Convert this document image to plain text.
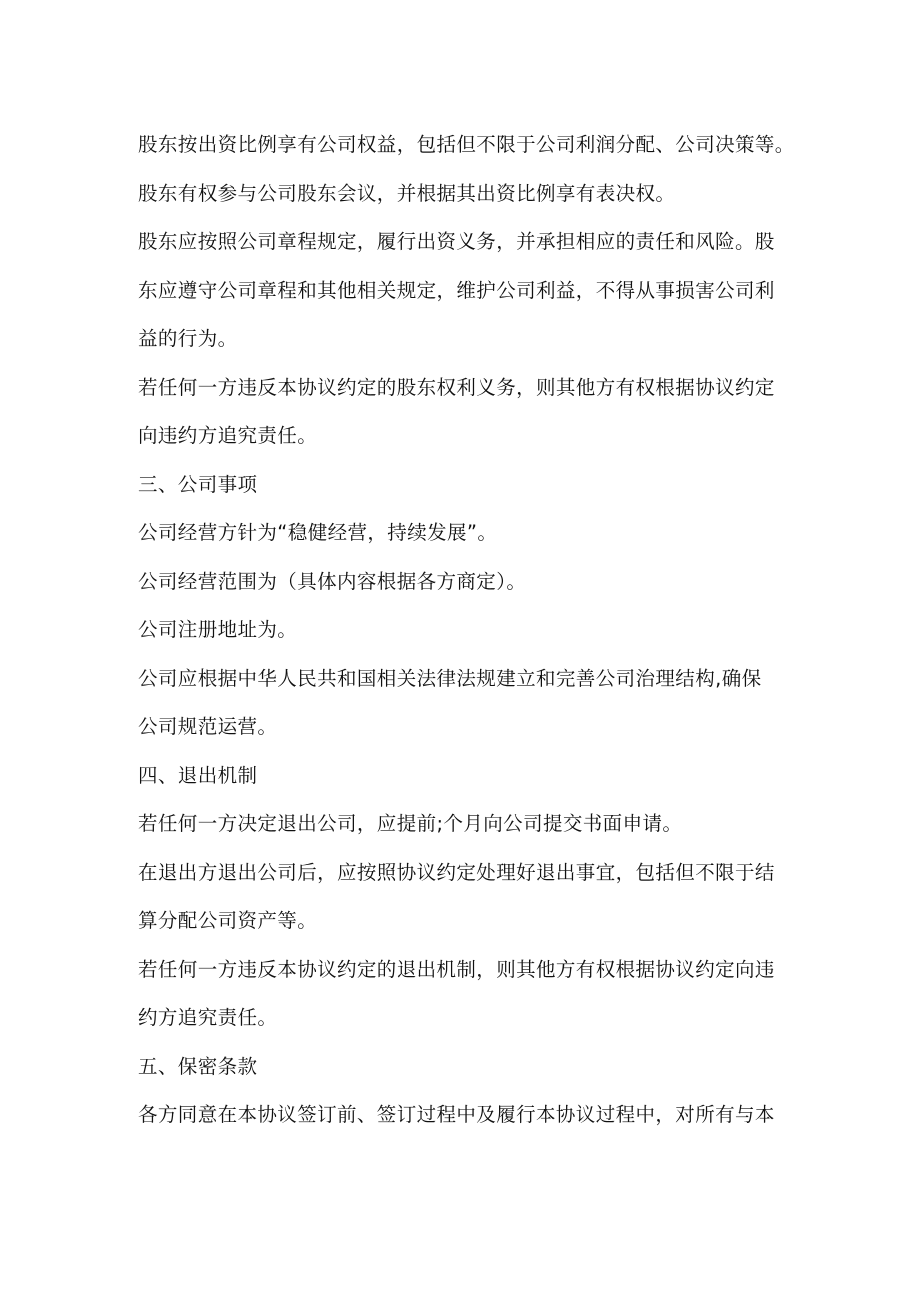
股东按出资比例享有公司权益，包括但不限于公司利润分配、公司决策等。
股东有权参与公司股东会议，并根据其出资比例享有表决权。
股东应按照公司章程规定，履行出资义务，并承担相应的责任和风险。股
东应遵守公司章程和其他相关规定，维护公司利益，不得从事损害公司利
益的行为。
若任何一方违反本协议约定的股东权利义务，则其他方有权根据协议约定
向违约方追究责任。
三、公司事项
公司经营方针为“稳健经营，持续发展”。
公司经营范围为（具体内容根据各方商定）。
公司注册地址为。
公司应根据中华人民共和国相关法律法规建立和完善公司治理结构,确保
公司规范运营。
四、退出机制
若任何一方决定退出公司，应提前;个月向公司提交书面申请。
在退出方退出公司后，应按照协议约定处理好退出事宜，包括但不限于结
算分配公司资产等。
若任何一方违反本协议约定的退出机制，则其他方有权根据协议约定向违
约方追究责任。
五、保密条款
各方同意在本协议签订前、签订过程中及履行本协议过程中，对所有与本
